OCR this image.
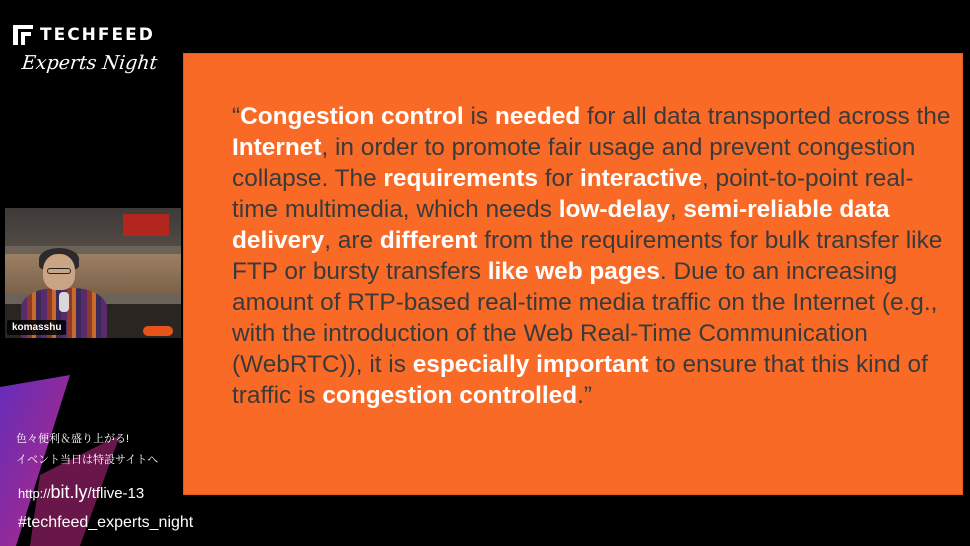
TECHFEED
Experts Night
komasshu
“Congestion control is needed for all data transported across the Internet, in order to promote fair usage and prevent congestion collapse. The requirements for interactive, point-to-point real-time multimedia, which needs low-delay, semi-reliable data delivery, are different from the requirements for bulk transfer like FTP or bursty transfers like web pages. Due to an increasing amount of RTP-based real-time media traffic on the Internet (e.g., with the introduction of the Web Real-Time Communication (WebRTC)), it is especially important to ensure that this kind of traffic is congestion controlled.”
色々便利＆盛り上がる!
イベント当日は特設サイトへ
http://bit.ly/tflive-13
#techfeed_experts_night
